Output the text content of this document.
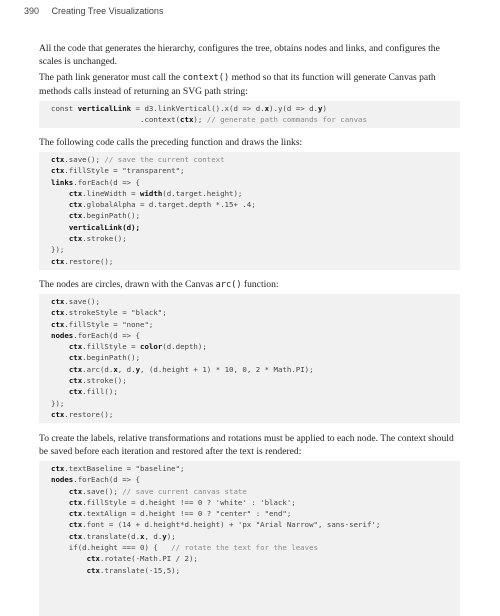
390 Creating Tree Visualizations

All the code that generates the hierarchy, configures the tree, obtains nodes and links, and configures the scales is unchanged.

The path link generator must call the context() method so that its function will generate Canvas path methods calls instead of returning an SVG path string:

const verticalLink = d3.linkVertical().x(d => d.x).y(d => d.y)
.context(ctx); // generate path commands for canvas

The following code calls the preceding function and draws the links:

ctx.save(); // save the current context
ctx.fillStyle = "transparent";
links.forEach(d => {
ctx.lineWidth = width(d.target.height);
ctx.globalAlpha = d.target.depth *.15+ .4;
ctx.beginPath();
verticalLink(d);
ctx.stroke();
});
ctx.restore();

The nodes are circles, drawn with the Canvas arc() function:

ctx.save();
ctx.strokeStyle = "black";
ctx.fillStyle = "none";
nodes.forEach(d => {
ctx.fillStyle = color(d.depth);
ctx.beginPath();
ctx.arc(d.x, d.y, (d.height + 1) * 10, 0, 2 * Math.PI);
ctx.stroke();
ctx.fill();
});
ctx.restore();

To create the labels, relative transformations and rotations must be applied to each node. The context should be saved before each iteration and restored after the text is rendered:

ctx.textBaseline = "baseline";
nodes.forEach(d => {
ctx.save(); // save current canvas state
ctx.fillStyle = d.height !== 0 ? 'white' : 'black';
ctx.textAlign = d.height !== 0 ? "center" : "end";
ctx.font = (14 + d.height*d.height) + 'px "Arial Narrow", sans-serif';
ctx.translate(d.x, d.y);
if(d.height === 0) {   // rotate the text for the leaves
ctx.rotate(-Math.PI / 2);
ctx.translate(-15,5);
